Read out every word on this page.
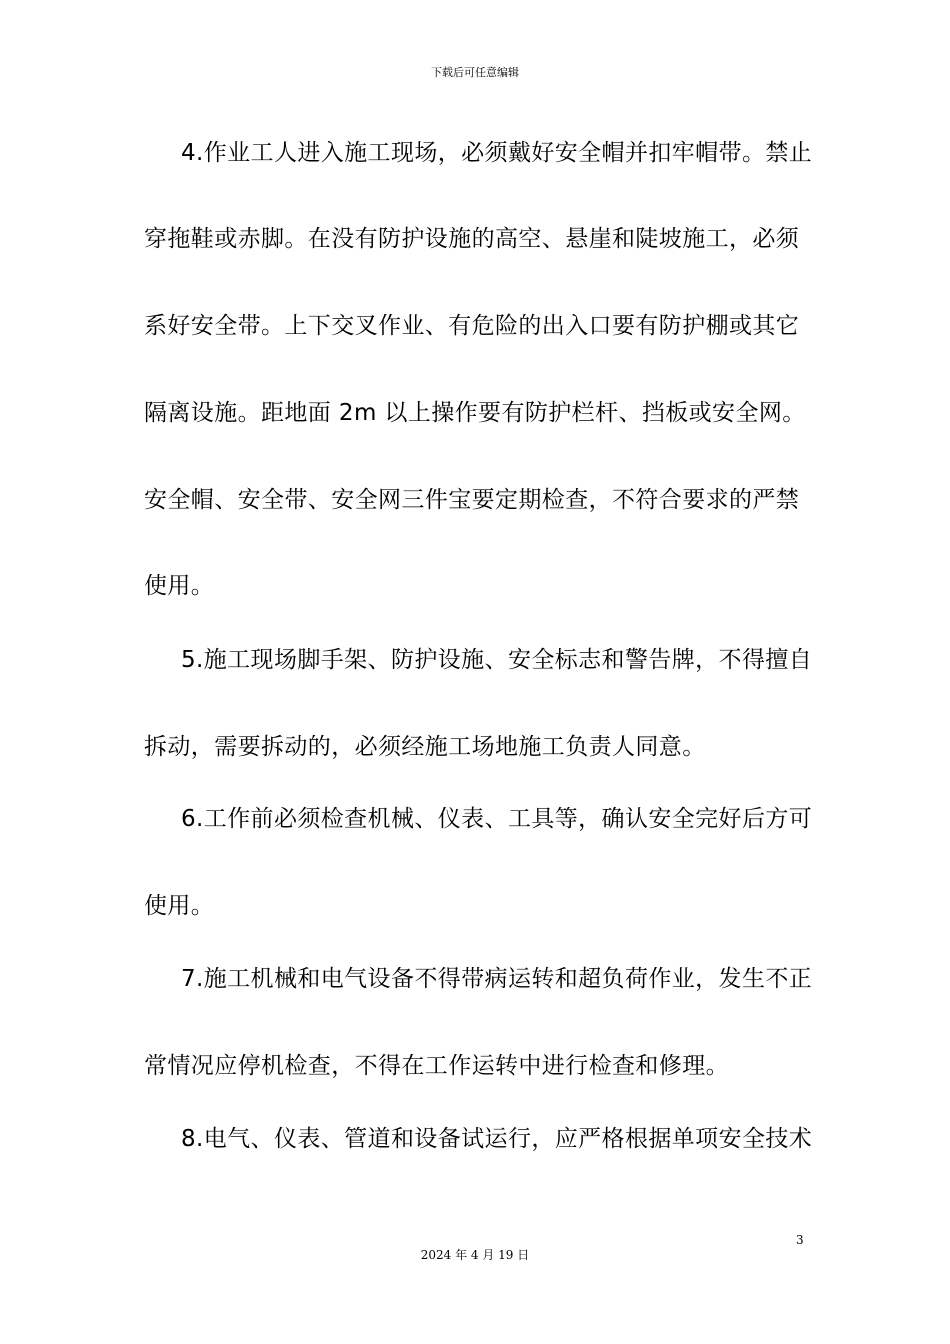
下载后可任意编辑
4.作业工人进入施工现场，必须戴好安全帽并扣牢帽带。禁止
穿拖鞋或赤脚。在没有防护设施的高空、悬崖和陡坡施工，必须
系好安全带。上下交叉作业、有危险的出入口要有防护棚或其它
隔离设施。距地面 2m 以上操作要有防护栏杆、挡板或安全网。
安全帽、安全带、安全网三件宝要定期检查，不符合要求的严禁
使用。
5.施工现场脚手架、防护设施、安全标志和警告牌，不得擅自
拆动，需要拆动的，必须经施工场地施工负责人同意。
6.工作前必须检查机械、仪表、工具等，确认安全完好后方可
使用。
7.施工机械和电气设备不得带病运转和超负荷作业，发生不正
常情况应停机检查，不得在工作运转中进行检查和修理。
8.电气、仪表、管道和设备试运行，应严格根据单项安全技术
3
2024 年 4 月 19 日
